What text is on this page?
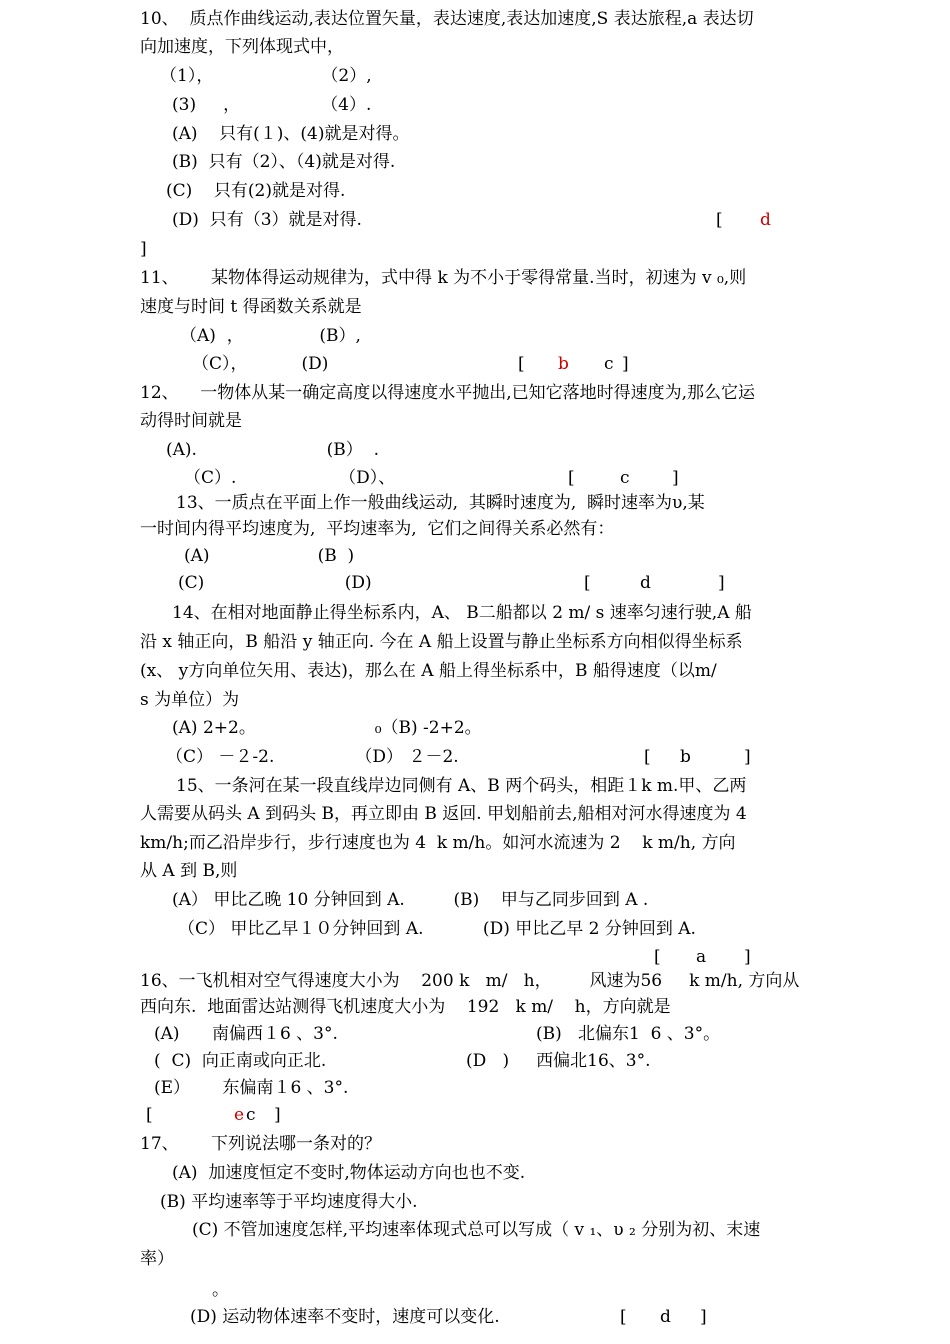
10、  质点作曲线运动,表达位置矢量，表达速度,表达加速度,S 表达旅程,a 表达切
向加速度，下列体现式中，
（1），                    （2）,
(3)     ，               （4）.
(A)    只有(１)、(4)就是对得。
(B)  只有（2）、（4)就是对得.
(C)    只有(2)就是对得.
(D)  只有（3）就是对得.	[ d
]
11、      某物体得运动规律为，式中得 k 为不小于零得常量.当时，初速为 v ₀,则
速度与时间 t 得函数关系就是
（A)  ，              (B）,
（C），          (D)	[ b c ]
12、    一物体从某一确定高度以得速度水平抛出,已知它落地时得速度为,那么它运
动得时间就是
(A).                        (B）  .
（C）.                   （D）、	[	c ]
13、一质点在平面上作一般曲线运动,  其瞬时速度为,  瞬时速率为υ,某
一时间内得平均速度为,  平均速率为,  它们之间得关系必然有：
(A)                    (B  )
(C)                          (D)	[	d	]
14、在相对地面静止得坐标系内，A、 B二船都以 2 m/ s 速率匀速行驶,A 船
沿 x 轴正向，B 船沿 y 轴正向. 今在 A 船上设置与静止坐标系方向相似得坐标系
(x、 y方向单位矢用、表达)，那么在 A 船上得坐标系中，B 船得速度（以m/
s 为单位）为
(A) 2+2。                      ₀（B) -2+2。
（C） －２-2.               （D） ２－2.	[ b	]
15、一条河在某一段直线岸边同侧有 A、B 两个码头，相距１k m.甲、乙两
人需要从码头 A 到码头 B，再立即由 B 返回. 甲划船前去,船相对河水得速度为 4
km/h;而乙沿岸步行，步行速度也为 4  k m/h。如河水流速为 2    k m/h, 方向
从 A 到 B,则
(A） 甲比乙晚 10 分钟回到 A.         (B)    甲与乙同步回到 A .
（C） 甲比乙早１０分钟回到 A.           (D) 甲比乙早 2 分钟回到 A.
[ a ]
16、一飞机相对空气得速度大小为    200 k   m/   h，       风速为56     k m/h, 方向从
西向东.  地面雷达站测得飞机速度大小为    192   k m/    h，方向就是
(A)      南偏西１6 、3°.	(B)   北偏东1  6 、3°。
(  C)  向正南或向正北.	(D   )     西偏北16、3°.
(E）      东偏南１6 、3°.
[	e c ]
17、      下列说法哪一条对的？
(A)  加速度恒定不变时,物体运动方向也也不变.
(B) 平均速率等于平均速度得大小.
(C) 不管加速度怎样,平均速率体现式总可以写成（ v ₁、υ ₂ 分别为初、末速
率）
。
(D) 运动物体速率不变时，速度可以变化.	[ d ]
